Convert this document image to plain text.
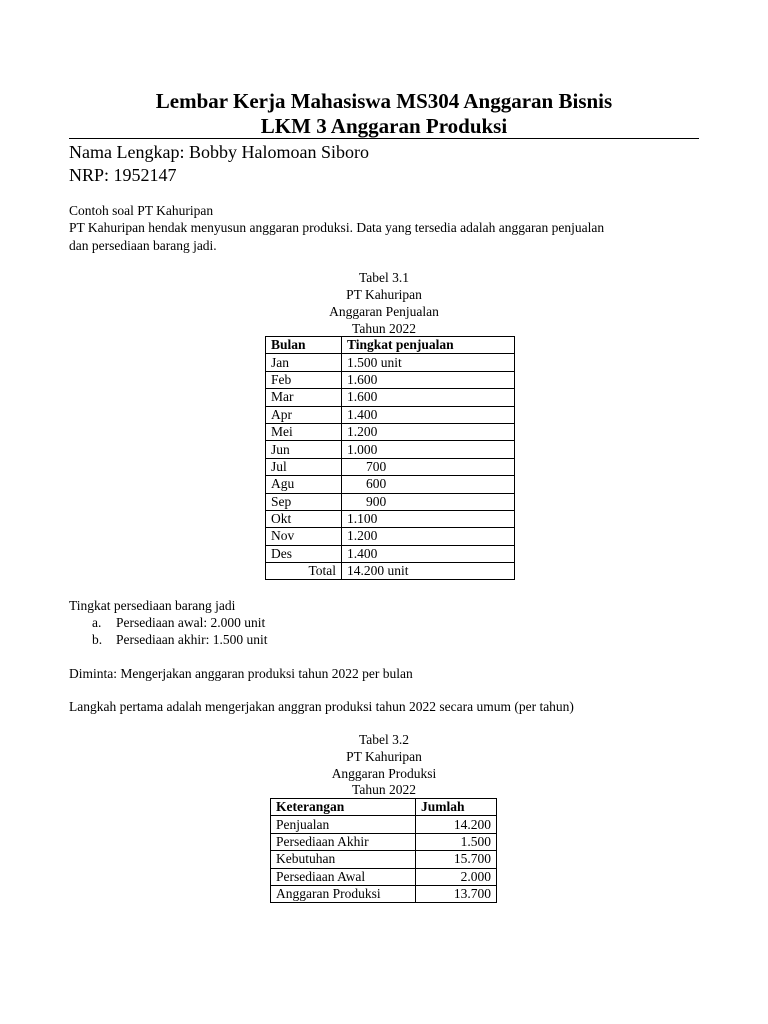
Lembar Kerja Mahasiswa MS304 Anggaran Bisnis
LKM 3 Anggaran Produksi
Nama Lengkap: Bobby Halomoan Siboro
NRP: 1952147
Contoh soal PT Kahuripan
PT Kahuripan hendak menyusun anggaran produksi. Data yang tersedia adalah anggaran penjualan
dan persediaan barang jadi.
Tabel 3.1
PT Kahuripan
Anggaran Penjualan
Tahun 2022
Bulan	Tingkat penjualan
Jan	1.500 unit
Feb	1.600
Mar	1.600
Apr	1.400
Mei	1.200
Jun	1.000
Jul	700
Agu	600
Sep	900
Okt	1.100
Nov	1.200
Des	1.400
Total	14.200 unit
Tingkat persediaan barang jadi
a. Persediaan awal: 2.000 unit
b. Persediaan akhir: 1.500 unit
Diminta: Mengerjakan anggaran produksi tahun 2022 per bulan
Langkah pertama adalah mengerjakan anggran produksi tahun 2022 secara umum (per tahun)
Tabel 3.2
PT Kahuripan
Anggaran Produksi
Tahun 2022
Keterangan	Jumlah
Penjualan	14.200
Persediaan Akhir	1.500
Kebutuhan	15.700
Persediaan Awal	2.000
Anggaran Produksi	13.700
